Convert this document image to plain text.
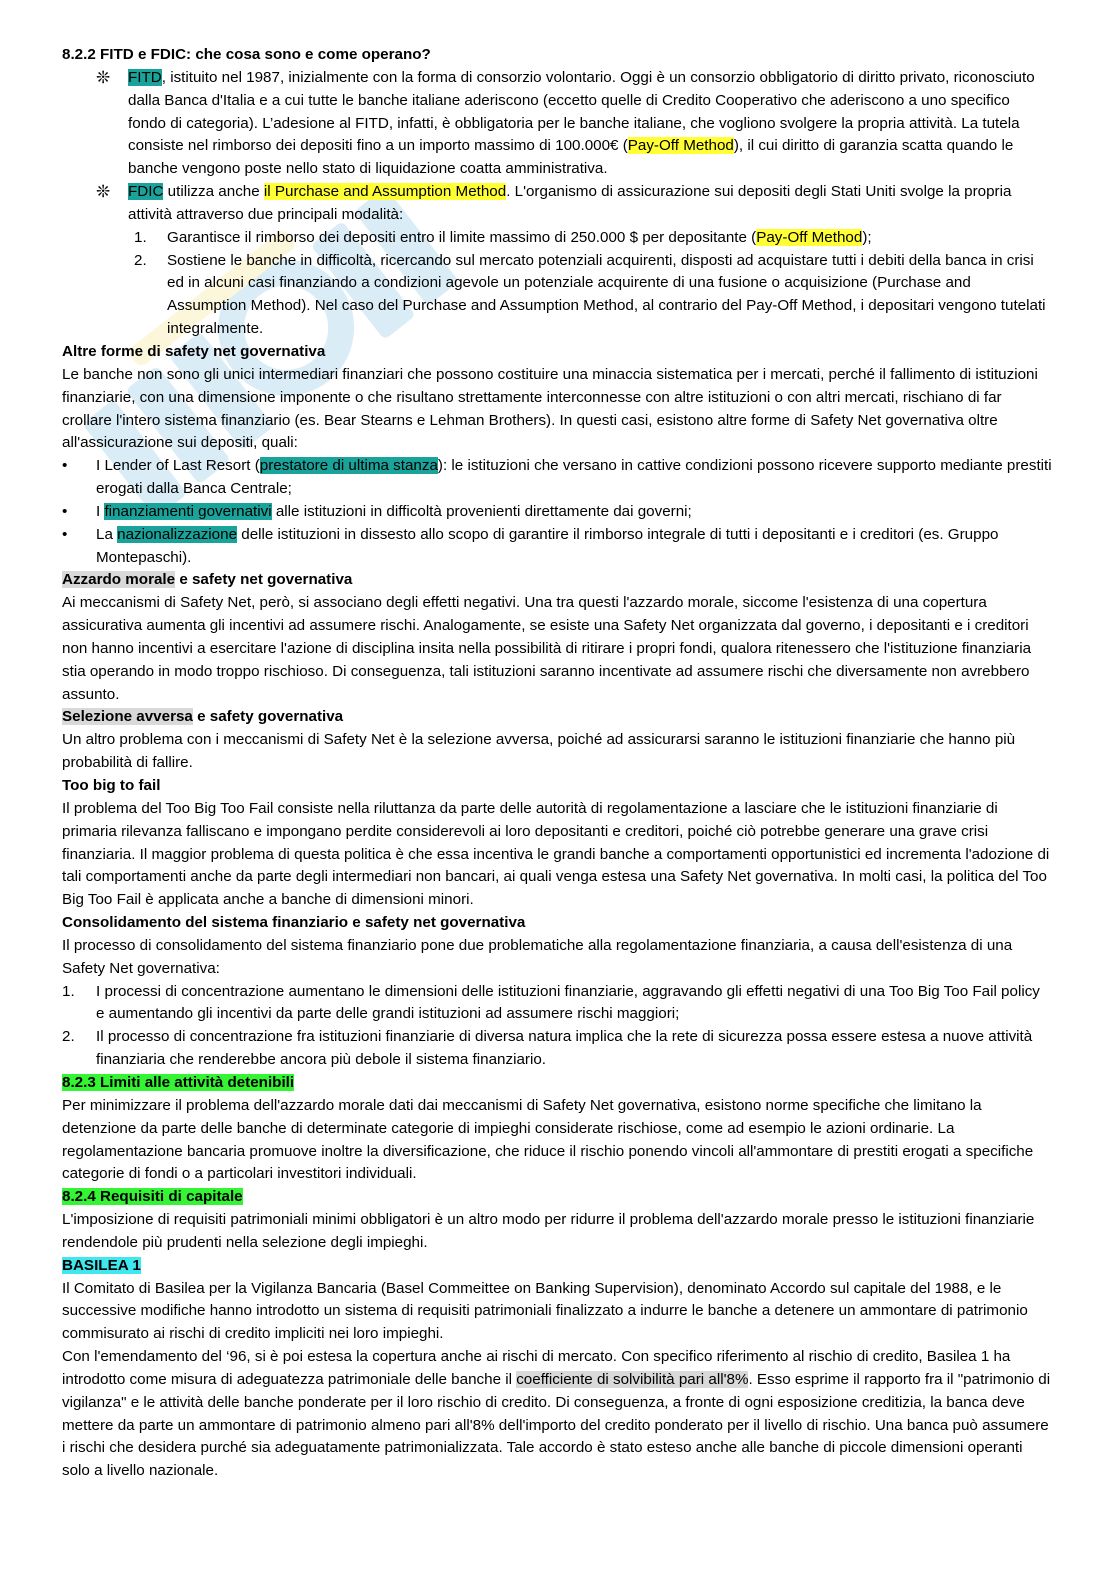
8.2.2 FITD e FDIC: che cosa sono e come operano?

❊	FITD, istituito nel 1987, inizialmente con la forma di consorzio volontario. Oggi è un consorzio obbligatorio di diritto privato, riconosciuto dalla Banca d'Italia e a cui tutte le banche italiane aderiscono (eccetto quelle di Credito Cooperativo che aderiscono a uno specifico fondo di categoria). L’adesione al FITD, infatti, è obbligatoria per le banche italiane, che vogliono svolgere la propria attività. La tutela consiste nel rimborso dei depositi fino a un importo massimo di 100.000€ (Pay-Off Method), il cui diritto di garanzia scatta quando le banche vengono poste nello stato di liquidazione coatta amministrativa.

❊	FDIC utilizza anche il Purchase and Assumption Method. L'organismo di assicurazione sui depositi degli Stati Uniti svolge la propria attività attraverso due principali modalità:

1.	Garantisce il rimborso dei depositi entro il limite massimo di 250.000 $ per depositante (Pay-Off Method);

2.	Sostiene le banche in difficoltà, ricercando sul mercato potenziali acquirenti, disposti ad acquistare tutti i debiti della banca in crisi ed in alcuni casi finanziando a condizioni agevole un potenziale acquirente di una fusione o acquisizione (Purchase and Assumption Method). Nel caso del Purchase and Assumption Method, al contrario del Pay-Off Method, i depositari vengono tutelati integralmente.

Altre forme di safety net governativa

Le banche non sono gli unici intermediari finanziari che possono costituire una minaccia sistematica per i mercati, perché il fallimento di istituzioni finanziarie, con una dimensione imponente o che risultano strettamente interconnesse con altre istituzioni o con altri mercati, rischiano di far crollare l'intero sistema finanziario (es. Bear Stearns e Lehman Brothers). In questi casi, esistono altre forme di Safety Net governativa oltre all'assicurazione sui depositi, quali:

•	I Lender of Last Resort (prestatore di ultima stanza): le istituzioni che versano in cattive condizioni possono ricevere supporto mediante prestiti erogati dalla Banca Centrale;

•	I finanziamenti governativi alle istituzioni in difficoltà provenienti direttamente dai governi;

•	La nazionalizzazione delle istituzioni in dissesto allo scopo di garantire il rimborso integrale di tutti i depositanti e i creditori (es. Gruppo Montepaschi).

Azzardo morale e safety net governativa

Ai meccanismi di Safety Net, però, si associano degli effetti negativi. Una tra questi l'azzardo morale, siccome l'esistenza di una copertura assicurativa aumenta gli incentivi ad assumere rischi. Analogamente, se esiste una Safety Net organizzata dal governo, i depositanti e i creditori non hanno incentivi a esercitare l'azione di disciplina insita nella possibilità di ritirare i propri fondi, qualora ritenessero che l'istituzione finanziaria stia operando in modo troppo rischioso. Di conseguenza, tali istituzioni saranno incentivate ad assumere rischi che diversamente non avrebbero assunto.

Selezione avversa e safety governativa

Un altro problema con i meccanismi di Safety Net è la selezione avversa, poiché ad assicurarsi saranno le istituzioni finanziarie che hanno più probabilità di fallire.

Too big to fail

Il problema del Too Big Too Fail consiste nella riluttanza da parte delle autorità di regolamentazione a lasciare che le istituzioni finanziarie di primaria rilevanza falliscano e impongano perdite considerevoli ai loro depositanti e creditori, poiché ciò potrebbe generare una grave crisi finanziaria. Il maggior problema di questa politica è che essa incentiva le grandi banche a comportamenti opportunistici ed incrementa l'adozione di tali comportamenti anche da parte degli intermediari non bancari, ai quali venga estesa una Safety Net governativa. In molti casi, la politica del Too Big Too Fail è applicata anche a banche di dimensioni minori.

Consolidamento del sistema finanziario e safety net governativa

Il processo di consolidamento del sistema finanziario pone due problematiche alla regolamentazione finanziaria, a causa dell'esistenza di una Safety Net governativa:

1.	I processi di concentrazione aumentano le dimensioni delle istituzioni finanziarie, aggravando gli effetti negativi di una Too Big Too Fail policy e aumentando gli incentivi da parte delle grandi istituzioni ad assumere rischi maggiori;

2.	Il processo di concentrazione fra istituzioni finanziarie di diversa natura implica che la rete di sicurezza possa essere estesa a nuove attività finanziaria che renderebbe ancora più debole il sistema finanziario.

8.2.3 Limiti alle attività detenibili

Per minimizzare il problema dell'azzardo morale dati dai meccanismi di Safety Net governativa, esistono norme specifiche che limitano la detenzione da parte delle banche di determinate categorie di impieghi considerate rischiose, come ad esempio le azioni ordinarie. La regolamentazione bancaria promuove inoltre la diversificazione, che riduce il rischio ponendo vincoli all'ammontare di prestiti erogati a specifiche categorie di fondi o a particolari investitori individuali.

8.2.4 Requisiti di capitale

L'imposizione di requisiti patrimoniali minimi obbligatori è un altro modo per ridurre il problema dell'azzardo morale presso le istituzioni finanziarie rendendole più prudenti nella selezione degli impieghi.

BASILEA 1

Il Comitato di Basilea per la Vigilanza Bancaria (Basel Commeittee on Banking Supervision), denominato Accordo sul capitale del 1988, e le successive modifiche hanno introdotto un sistema di requisiti patrimoniali finalizzato a indurre le banche a detenere un ammontare di patrimonio commisurato ai rischi di credito impliciti nei loro impieghi.

Con l'emendamento del ‘96, si è poi estesa la copertura anche ai rischi di mercato. Con specifico riferimento al rischio di credito, Basilea 1 ha introdotto come misura di adeguatezza patrimoniale delle banche il coefficiente di solvibilità pari all'8%. Esso esprime il rapporto fra il "patrimonio di vigilanza" e le attività delle banche ponderate per il loro rischio di credito. Di conseguenza, a fronte di ogni esposizione creditizia, la banca deve mettere da parte un ammontare di patrimonio almeno pari all'8% dell'importo del credito ponderato per il livello di rischio. Una banca può assumere i rischi che desidera purché sia adeguatamente patrimonializzata. Tale accordo è stato esteso anche alle banche di piccole dimensioni operanti solo a livello nazionale.
